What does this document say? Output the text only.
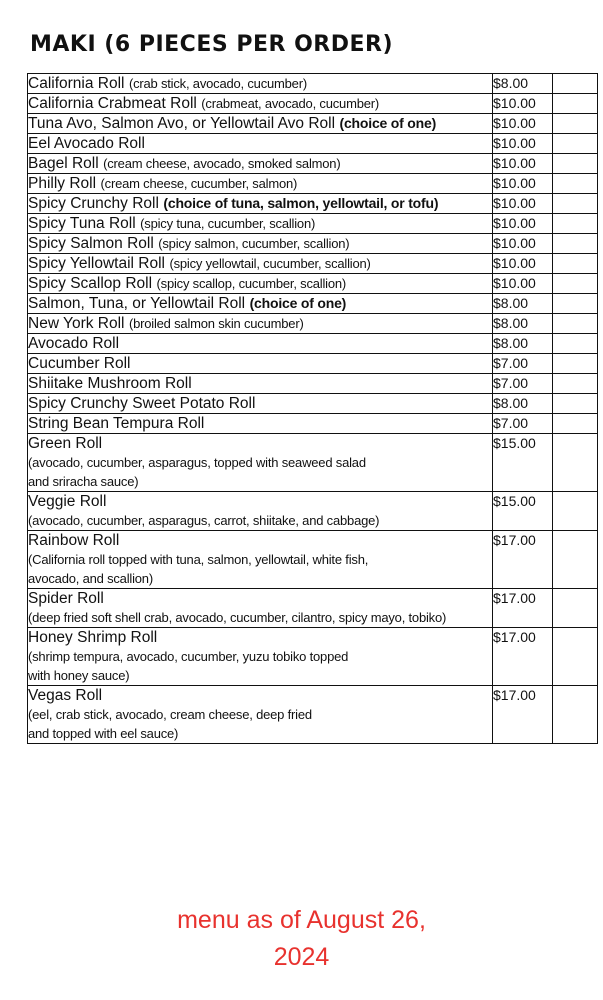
MAKI (6 PIECES PER ORDER)
California Roll (crab stick, avocado, cucumber)	$8.00	
California Crabmeat Roll (crabmeat, avocado, cucumber)	$10.00	
Tuna Avo, Salmon Avo, or Yellowtail Avo Roll (choice of one)	$10.00	
Eel Avocado Roll	$10.00	
Bagel Roll (cream cheese, avocado, smoked salmon)	$10.00	
Philly Roll (cream cheese, cucumber, salmon)	$10.00	
Spicy Crunchy Roll (choice of tuna, salmon, yellowtail, or tofu)	$10.00	
Spicy Tuna Roll (spicy tuna, cucumber, scallion)	$10.00	
Spicy Salmon Roll (spicy salmon, cucumber, scallion)	$10.00	
Spicy Yellowtail Roll (spicy yellowtail, cucumber, scallion)	$10.00	
Spicy Scallop Roll (spicy scallop, cucumber, scallion)	$10.00	
Salmon, Tuna, or Yellowtail Roll (choice of one)	$8.00	
New York Roll (broiled salmon skin cucumber)	$8.00	
Avocado Roll	$8.00	
Cucumber Roll	$7.00	
Shiitake Mushroom Roll	$7.00	
Spicy Crunchy Sweet Potato Roll	$8.00	
String Bean Tempura Roll	$7.00	
Green Roll
(avocado, cucumber, asparagus, topped with seaweed salad
and sriracha sauce)	$15.00	
Veggie Roll
(avocado, cucumber, asparagus, carrot, shiitake, and cabbage)	$15.00	
Rainbow Roll
(California roll topped with tuna, salmon, yellowtail, white fish,
avocado, and scallion)	$17.00	
Spider Roll
(deep fried soft shell crab, avocado, cucumber, cilantro, spicy mayo, tobiko)	$17.00	
Honey Shrimp Roll
(shrimp tempura, avocado, cucumber, yuzu tobiko topped
with honey sauce)	$17.00	
Vegas Roll
(eel, crab stick, avocado, cream cheese, deep fried
and topped with eel sauce)	$17.00	
menu as of August 26,
2024
